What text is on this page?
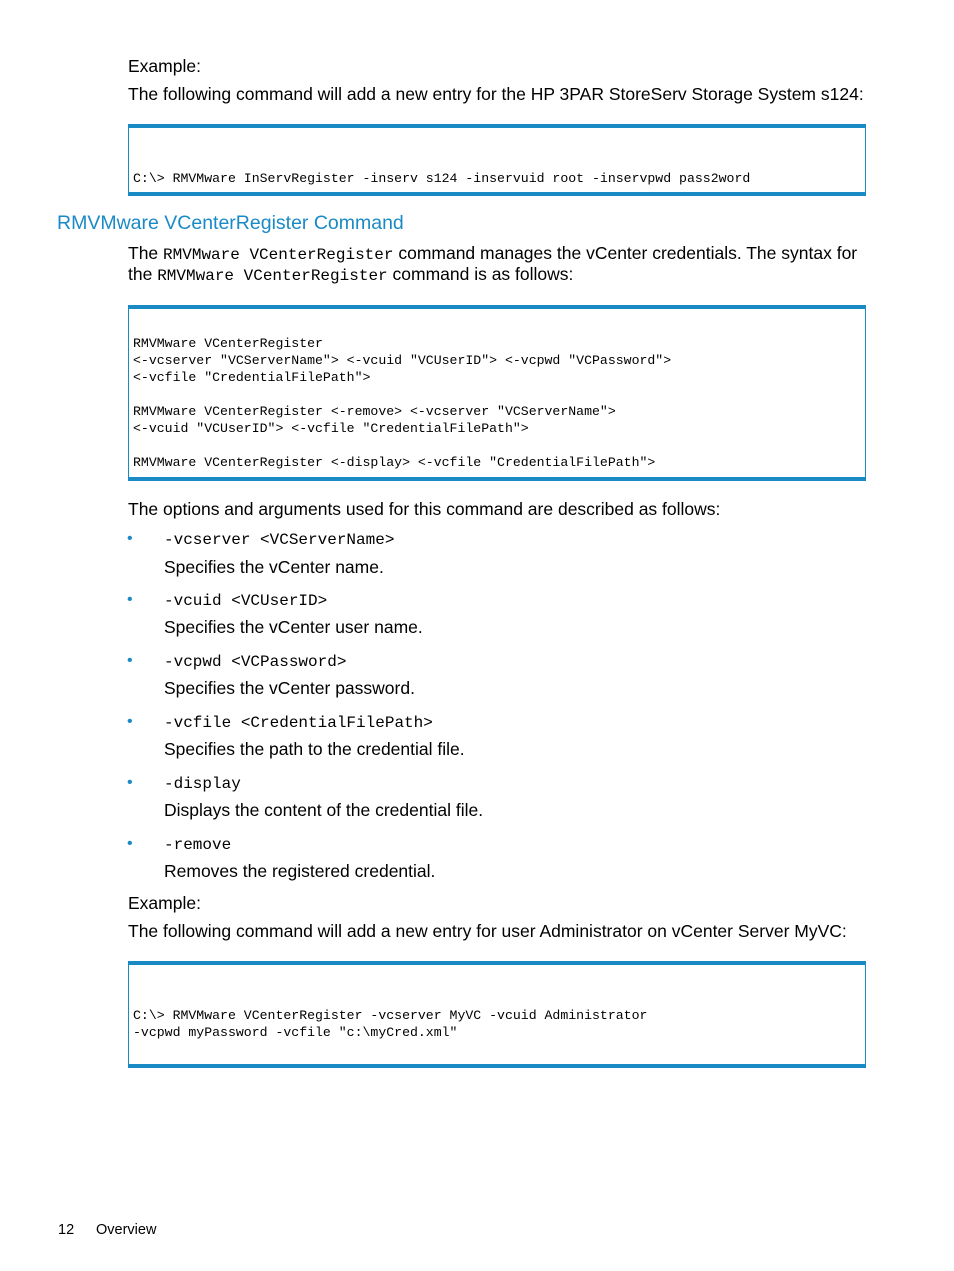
Example:
The following command will add a new entry for the HP 3PAR StoreServ Storage System s124:
C:\> RMVMware InServRegister -inserv s124 -inservuid root -inservpwd pass2word
RMVMware VCenterRegister Command
The RMVMware VCenterRegister command manages the vCenter credentials. The syntax for
the RMVMware VCenterRegister command is as follows:
RMVMware VCenterRegister
<-vcserver "VCServerName"> <-vcuid "VCUserID"> <-vcpwd "VCPassword">
<-vcfile "CredentialFilePath">

RMVMware VCenterRegister <-remove> <-vcserver "VCServerName">
<-vcuid "VCUserID"> <-vcfile "CredentialFilePath">

RMVMware VCenterRegister <-display> <-vcfile "CredentialFilePath">
The options and arguments used for this command are described as follows:
• -vcserver <VCServerName>
Specifies the vCenter name.
• -vcuid <VCUserID>
Specifies the vCenter user name.
• -vcpwd <VCPassword>
Specifies the vCenter password.
• -vcfile <CredentialFilePath>
Specifies the path to the credential file.
• -display
Displays the content of the credential file.
• -remove
Removes the registered credential.
Example:
The following command will add a new entry for user Administrator on vCenter Server MyVC:
C:\> RMVMware VCenterRegister -vcserver MyVC -vcuid Administrator
-vcpwd myPassword -vcfile "c:\myCred.xml"
12 Overview
